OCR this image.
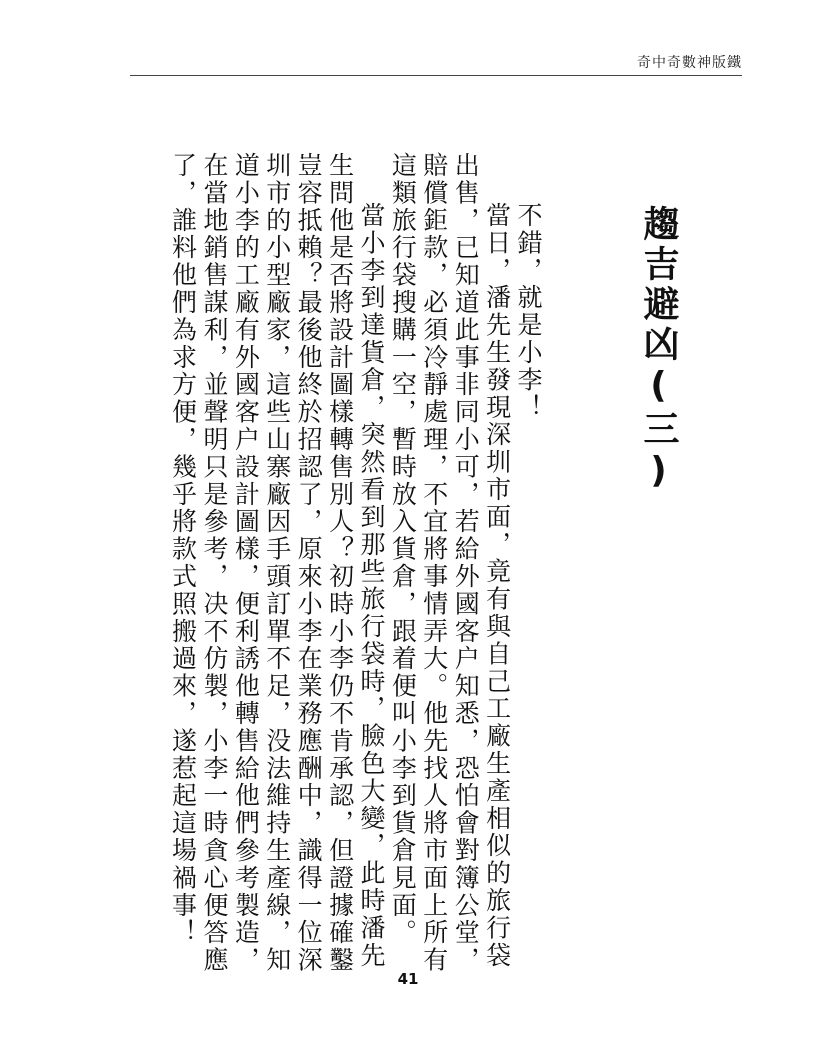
奇中奇數神版鐵
趨吉避凶(三)

不錯，就是小李！

當日，潘先生發現深圳市面，竟有與自己工廠生產相似的旅行袋出售，已知道此事非同小可，若給外國客户知悉，恐怕會對簿公堂，賠償鉅款，必須冷靜處理，不宜將事情弄大。他先找人將市面上所有這類旅行袋搜購一空，暫時放入貨倉，跟着便叫小李到貨倉見面。

當小李到達貨倉，突然看到那些旅行袋時，臉色大變，此時潘先生問他是否將設計圖樣轉售別人？初時小李仍不肯承認，但證據確鑿豈容抵賴？最後他終於招認了，原來小李在業務應酬中，識得一位深圳市的小型廠家，這些山寨廠因手頭訂單不足，没法維持生產線，知道小李的工廠有外國客户設計圖樣，便利誘他轉售給他們參考製造，在當地銷售謀利，並聲明只是參考，决不仿製，小李一時貪心便答應了，誰料他們為求方便，幾乎將款式照搬過來，遂惹起這場禍事！

41
